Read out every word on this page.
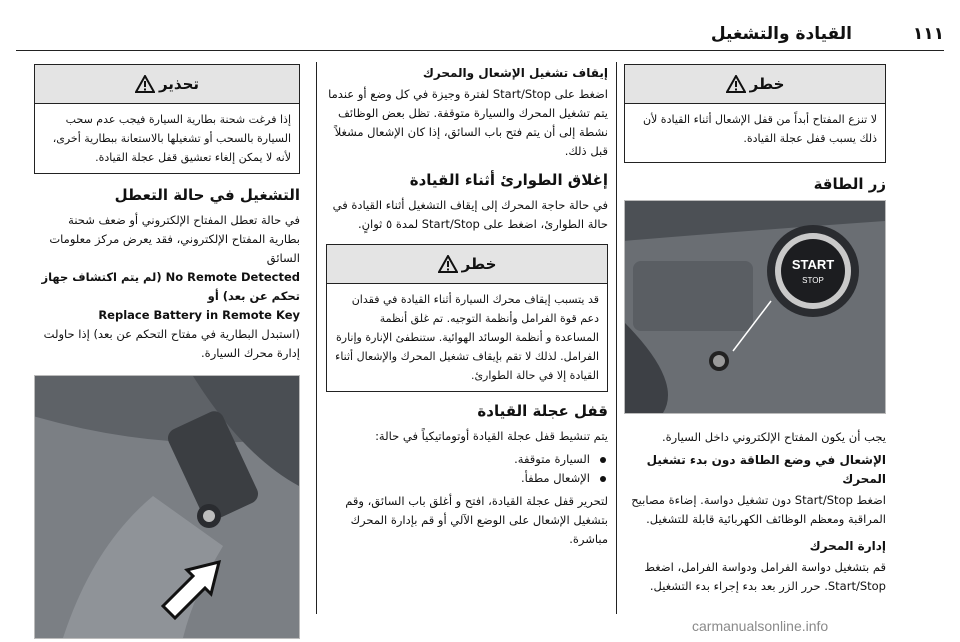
١١١
القيادة والتشغيل
خطر
لا تنزع المفتاح أبداً من قفل الإشعال أثناء القيادة لأن ذلك يسبب قفل عجلة القيادة.
زر الطاقة
START
STOP

يجب أن يكون المفتاح الإلكتروني داخل السيارة.

الإشعال في وضع الطاقة دون بدء تشغيل المحرك

اضغط Start/Stop دون تشغيل دواسة. إضاءة مصابيح المراقبة ومعظم الوظائف الكهربائية قابلة للتشغيل.

إدارة المحرك

قم بتشغيل دواسة الفرامل ودواسة الفرامل، اضغط Start/Stop. حرر الزر بعد بدء إجراء بدء التشغيل.

إيقاف تشغيل الإشعال والمحرك

اضغط على Start/Stop لفترة وجيزة في كل وضع أو عندما يتم تشغيل المحرك والسيارة متوقفة. تظل بعض الوظائف نشطة إلى أن يتم فتح باب السائق، إذا كان الإشعال مشغلاً قبل ذلك.

إغلاق الطوارئ أثناء القيادة

في حالة حاجة المحرك إلى إيقاف التشغيل أثناء القيادة في حالة الطوارئ، اضغط على Start/Stop لمدة ٥ ثوانٍ.

خطر
قد يتسبب إيقاف محرك السيارة أثناء القيادة في فقدان دعم قوة الفرامل وأنظمة التوجيه. تم غلق أنظمة المساعدة و أنظمة الوسائد الهوائية. ستنطفئ الإنارة وإنارة الفرامل. لذلك لا تقم بإيقاف تشغيل المحرك والإشعال أثناء القيادة إلا في حالة الطوارئ.
قفل عجلة القيادة

يتم تنشيط قفل عجلة القيادة أوتوماتيكياً في حالة:

السيارة متوقفة.
الإشعال مطفأ.

لتحرير قفل عجلة القيادة، افتح و أغلق باب السائق، وقم بتشغيل الإشعال على الوضع الآلي أو قم بإدارة المحرك مباشرة.

تحذير
إذا فرغت شحنة بطارية السيارة فيجب عدم سحب السيارة بالسحب أو تشغيلها بالاستعانة ببطارية أخرى، لأنه لا يمكن إلغاء تعشيق قفل عجلة القيادة.
التشغيل في حالة التعطل

في حالة تعطل المفتاح الإلكتروني أو ضعف شحنة بطارية المفتاح الإلكتروني، فقد يعرض مركز معلومات السائق

No Remote Detected (لم يتم اكتشاف جهاز تحكم عن بعد) أو

Replace Battery in Remote Key

(استبدل البطارية في مفتاح التحكم عن بعد) إذا حاولت إدارة محرك السيارة.

carmanualsonline.info
